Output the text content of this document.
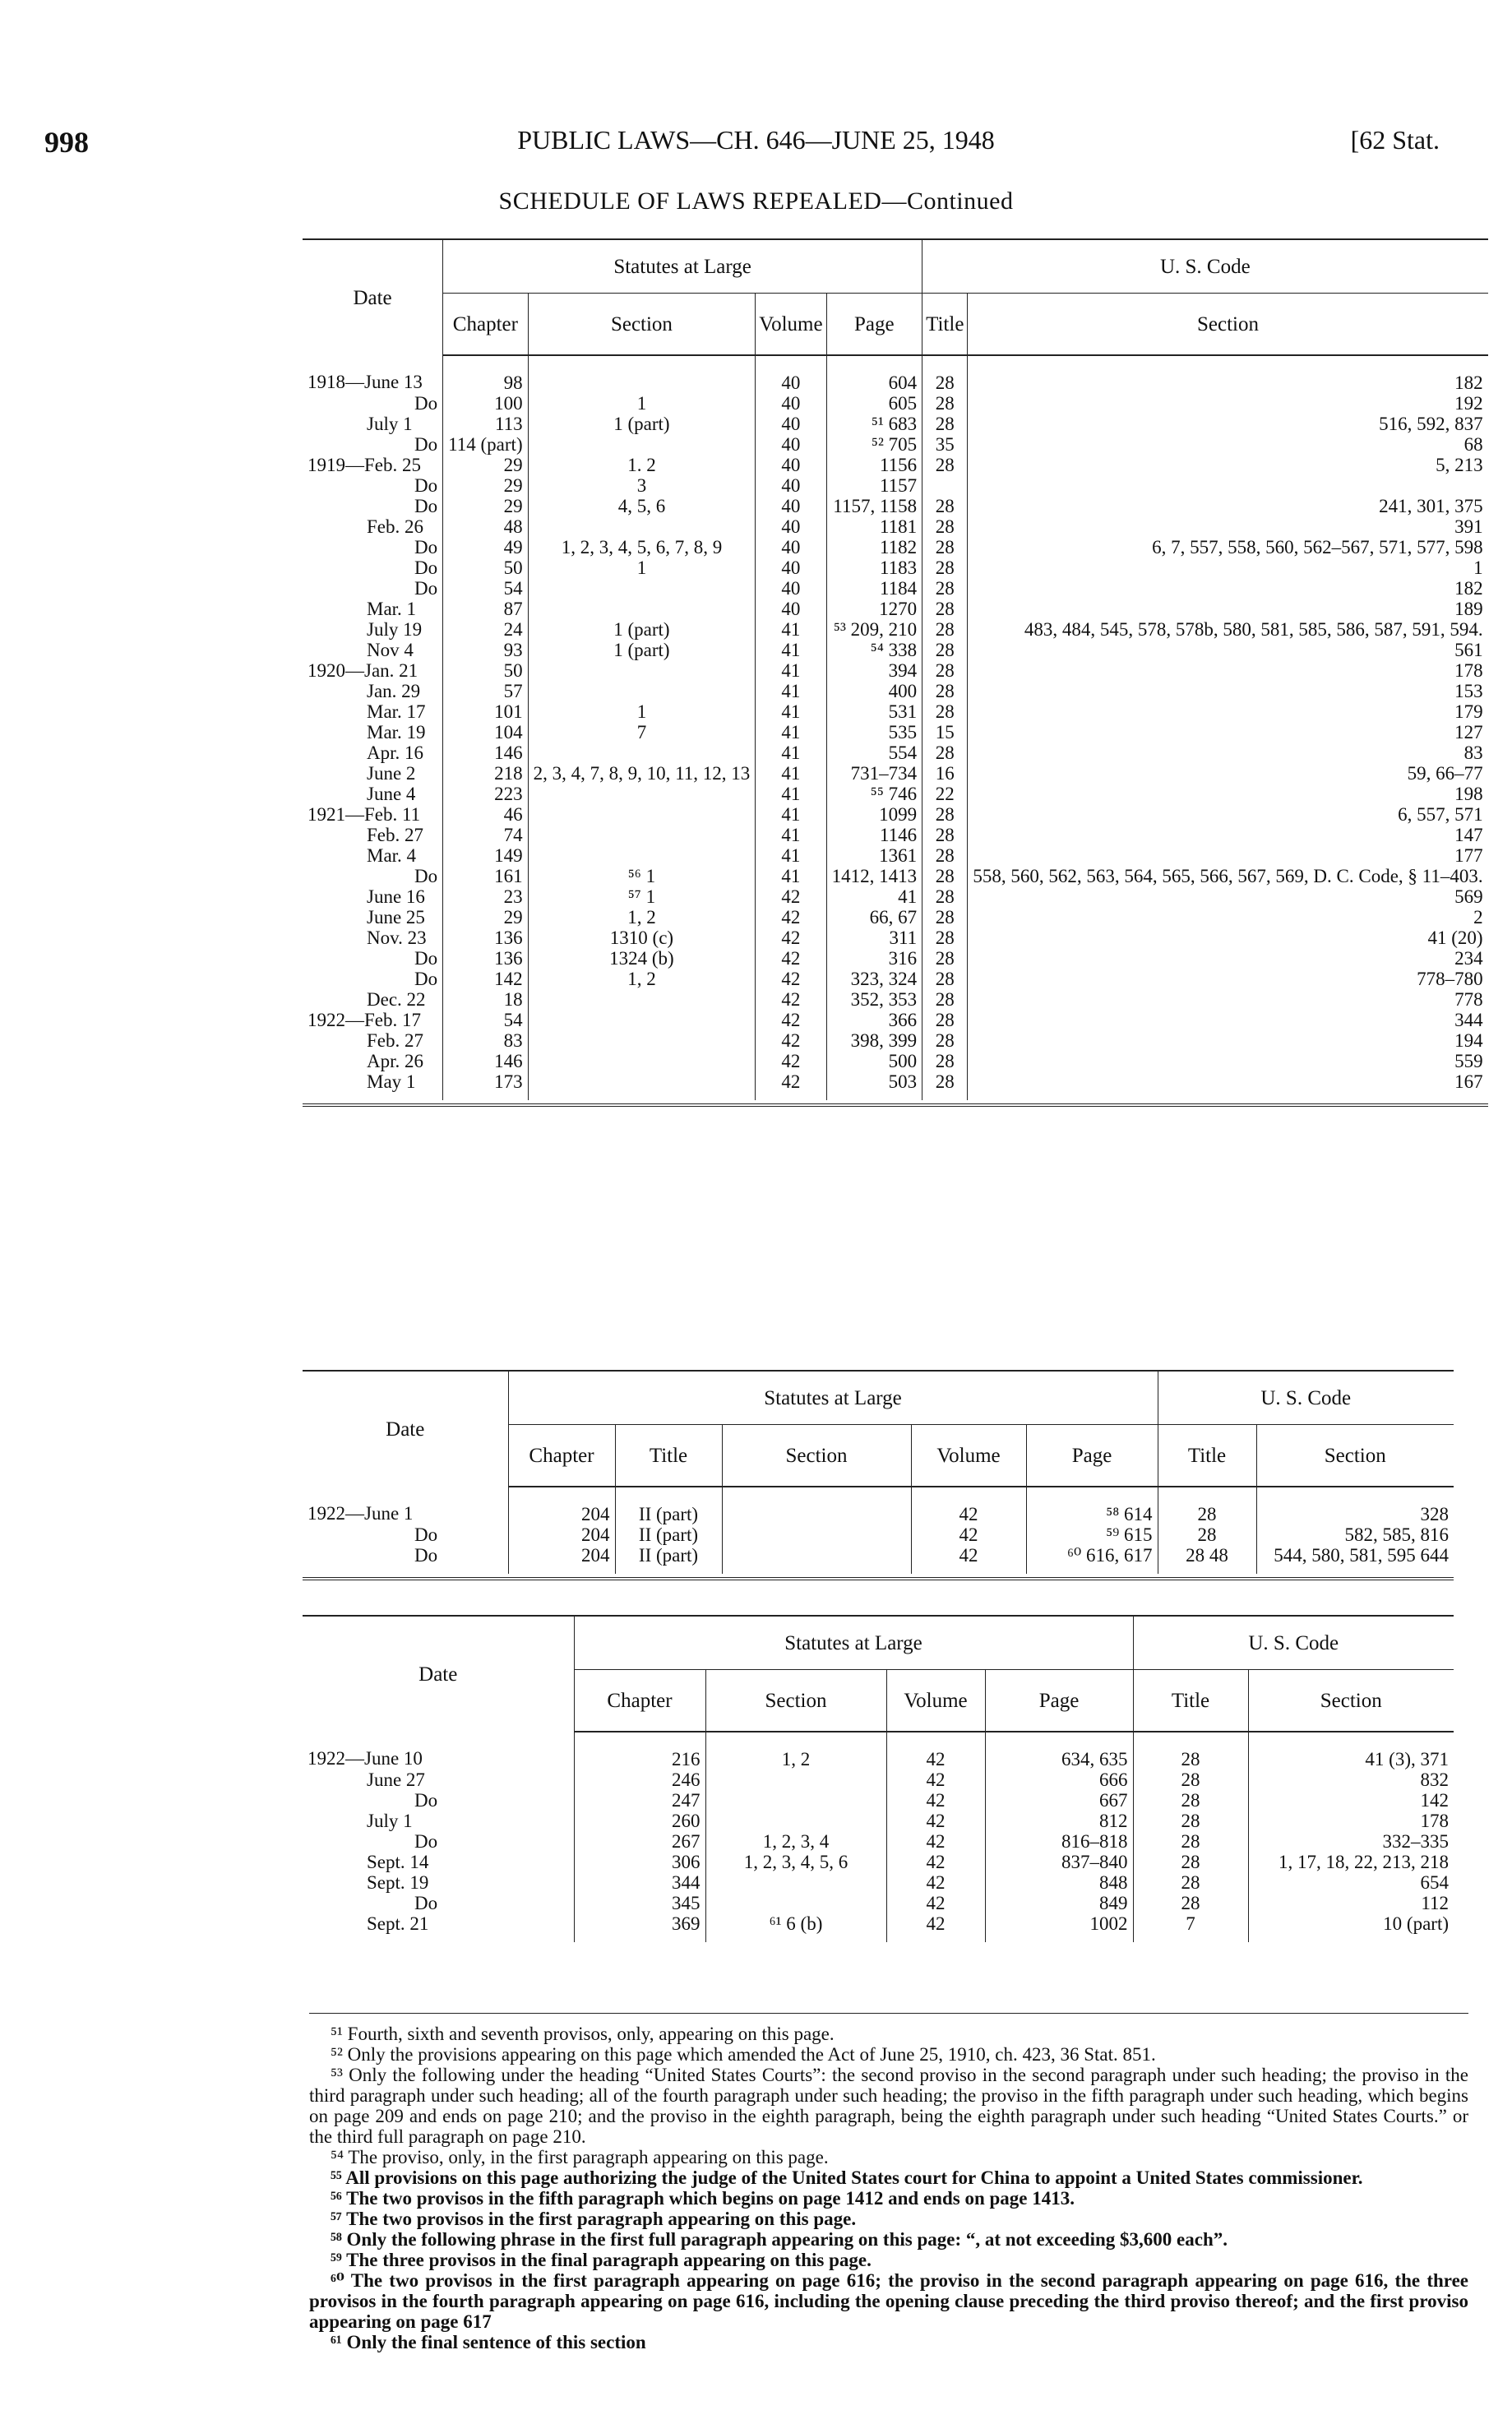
998	PUBLIC LAWS—CH. 646—JUNE 25, 1948	[62 Stat.
SCHEDULE OF LAWS REPEALED—Continued
Date	Statutes at Large				U. S. Code	
	Chapter	Section	Volume	Page	Title	Section
1918—June 13	98		40	604	28	182
Do	100	1	40	605	28	192
July 1	113	1 (part)	40	⁵¹ 683	28	516, 592, 837
Do	114 (part)		40	⁵² 705	35	68
1919—Feb. 25	29	1. 2	40	1156	28	5, 213
Do	29	3	40	1157		
Do	29	4, 5, 6	40	1157, 1158	28	241, 301, 375
Feb. 26	48		40	1181	28	391
Do	49	1, 2, 3, 4, 5, 6, 7, 8, 9	40	1182	28	6, 7, 557, 558, 560, 562–567, 571, 577, 598
Do	50	1	40	1183	28	1
Do	54		40	1184	28	182
Mar. 1	87		40	1270	28	189
July 19	24	1 (part)	41	⁵³ 209, 210	28	483, 484, 545, 578, 578b, 580, 581, 585, 586, 587, 591, 594.
Nov 4	93	1 (part)	41	⁵⁴ 338	28	561
1920—Jan. 21	50		41	394	28	178
Jan. 29	57		41	400	28	153
Mar. 17	101	1	41	531	28	179
Mar. 19	104	7	41	535	15	127
Apr. 16	146		41	554	28	83
June 2	218	2, 3, 4, 7, 8, 9, 10, 11, 12, 13	41	731–734	16	59, 66–77
June 4	223		41	⁵⁵ 746	22	198
1921—Feb. 11	46		41	1099	28	6, 557, 571
Feb. 27	74		41	1146	28	147
Mar. 4	149		41	1361	28	177
Do	161	⁵⁶ 1	41	1412, 1413	28	558, 560, 562, 563, 564, 565, 566, 567, 569, D. C. Code, § 11–403.
June 16	23	⁵⁷ 1	42	41	28	569
June 25	29	1, 2	42	66, 67	28	2
Nov. 23	136	1310 (c)	42	311	28	41 (20)
Do	136	1324 (b)	42	316	28	234
Do	142	1, 2	42	323, 324	28	778–780
Dec. 22	18		42	352, 353	28	778
1922—Feb. 17	54		42	366	28	344
Feb. 27	83		42	398, 399	28	194
Apr. 26	146		42	500	28	559
May 1	173		42	503	28	167

Date	Statutes at Large					U. S. Code	
	Chapter	Title	Section	Volume	Page	Title	Section
1922—June 1	204	II (part)		42	⁵⁸ 614	28	328
Do	204	II (part)		42	⁵⁹ 615	28	582, 585, 816
Do	204	II (part)		42	⁶⁰ 616, 617	28 48	544, 580, 581, 595 644

Date	Statutes at Large				U. S. Code	
	Chapter	Section	Volume	Page	Title	Section
1922—June 10	216	1, 2	42	634, 635	28	41 (3), 371
June 27	246		42	666	28	832
Do	247		42	667	28	142
July 1	260		42	812	28	178
Do	267	1, 2, 3, 4	42	816–818	28	332–335
Sept. 14	306	1, 2, 3, 4, 5, 6	42	837–840	28	1, 17, 18, 22, 213, 218
Sept. 19	344		42	848	28	654
Do	345		42	849	28	112
Sept. 21	369	⁶¹ 6 (b)	42	1002	7	10 (part)

⁵¹ Fourth, sixth and seventh provisos, only, appearing on this page.

⁵² Only the provisions appearing on this page which amended the Act of June 25, 1910, ch. 423, 36 Stat. 851.

⁵³ Only the following under the heading “United States Courts”: the second proviso in the second paragraph under such heading; the proviso in the third paragraph under such heading; all of the fourth paragraph under such heading; the proviso in the fifth paragraph under such heading, which begins on page 209 and ends on page 210; and the proviso in the eighth paragraph, being the eighth paragraph under such heading “United States Courts.” or the third full paragraph on page 210.

⁵⁴ The proviso, only, in the first paragraph appearing on this page.

⁵⁵ All provisions on this page authorizing the judge of the United States court for China to appoint a United States commissioner.

⁵⁶ The two provisos in the fifth paragraph which begins on page 1412 and ends on page 1413.

⁵⁷ The two provisos in the first paragraph appearing on this page.

⁵⁸ Only the following phrase in the first full paragraph appearing on this page: “, at not exceeding $3,600 each”.

⁵⁹ The three provisos in the final paragraph appearing on this page.

⁶⁰ The two provisos in the first paragraph appearing on page 616; the proviso in the second paragraph appearing on page 616, the three provisos in the fourth paragraph appearing on page 616, including the opening clause preceding the third proviso thereof; and the first proviso appearing on page 617

⁶¹ Only the final sentence of this section
